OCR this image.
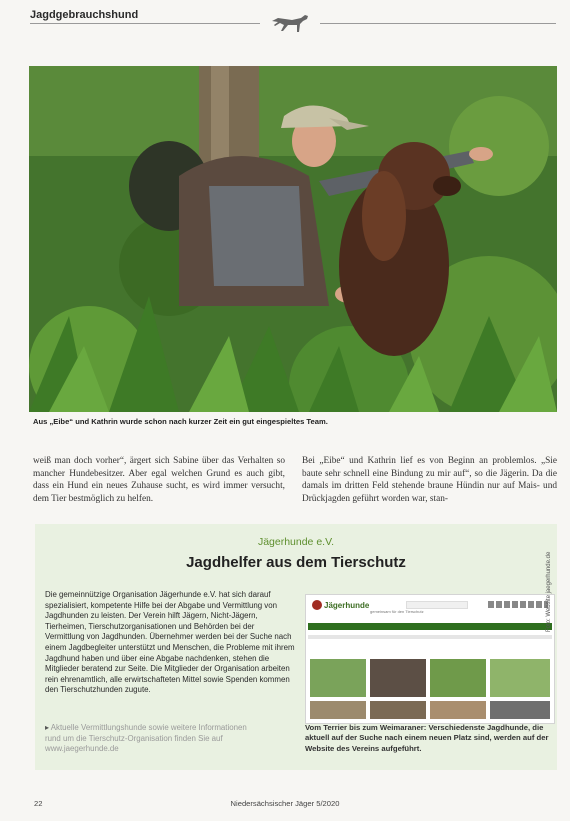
Jagdgebrauchshund
Aus „Eibe“ und Kathrin wurde schon nach kurzer Zeit ein gut eingespieltes Team.

weiß man doch vorher“, ärgert sich Sabine über das Verhalten so mancher Hundebesitzer. Aber egal welchen Grund es auch gibt, dass ein Hund ein neues Zuhause sucht, es wird immer versucht, dem Tier bestmöglich zu helfen.

Bei „Eibe“ und Kathrin lief es von Beginn an problemlos. „Sie baute sehr schnell eine Bindung zu mir auf“, so die Jägerin. Da die damals im dritten Feld stehende braune Hündin nur auf Mais- und Drückjagden geführt worden war, stan-

Jägerhunde e.V.
Jagdhelfer aus dem Tierschutz
Die gemeinnützige Organisation Jägerhunde e.V. hat sich darauf spezialisiert, kompetente Hilfe bei der Abgabe und Vermittlung von Jagdhunden zu leisten. Der Verein hilft Jägern, Nicht-Jägern, Tierheimen, Tierschutzorganisationen und Behörden bei der Vermittlung von Jagdhunden. Übernehmer werden bei der Suche nach einem Jagdbegleiter unterstützt und Menschen, die Probleme mit ihrem Jagdhund haben und über eine Abgabe nachdenken, stehen die Mitglieder beratend zur Seite. Die Mitglieder der Organisation arbeiten rein ehrenamtlich, alle erwirtschafteten Mittel sowie Spenden kommen den Tierschutzhunden zugute.
▸ Aktuelle Vermittlungshunde sowie weitere Informationen
rund um die Tierschutz-Organisation finden Sie auf
www.jaegerhunde.de
Jägerhunde
gemeinsam für den Tierschutz
Vom Terrier bis zum Weimaraner: Verschiedenste Jagdhunde, die aktuell auf der Suche nach einem neuen Platz sind, werden auf der Website des Vereins aufgeführt.
Foto: Website jaegerhunde.de
22	Niedersächsischer Jäger 5/2020
